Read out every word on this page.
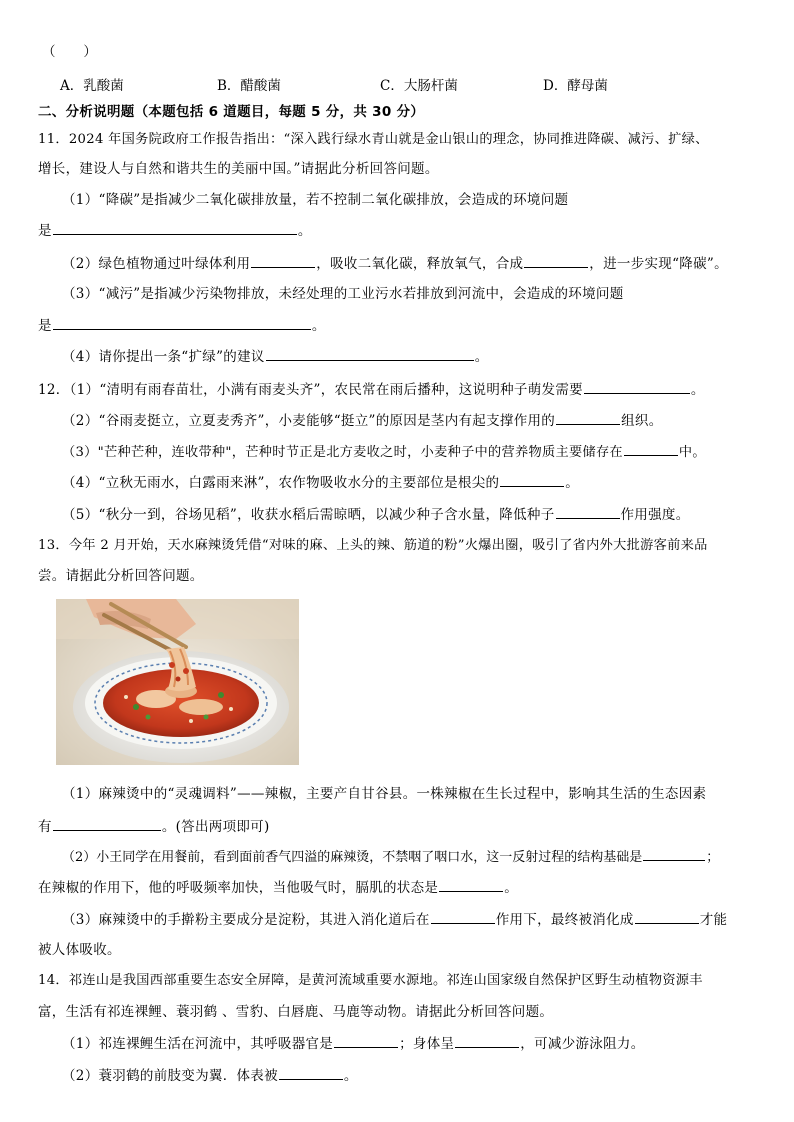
（　　）
A．乳酸菌	B．醋酸菌	C．大肠杆菌	D．酵母菌
二、分析说明题（本题包括 6 道题目，每题 5 分，共 30 分）
11．2024 年国务院政府工作报告指出：“深入践行绿水青山就是金山银山的理念，协同推进降碳、减污、扩绿、
增长，建设人与自然和谐共生的美丽中国。”请据此分析回答问题。
（1）“降碳”是指减少二氧化碳排放量，若不控制二氧化碳排放，会造成的环境问题
是	。
（2）绿色植物通过叶绿体利用	，吸收二氧化碳，释放氧气，合成	，进一步实现“降碳”。
（3）“减污”是指减少污染物排放，未经处理的工业污水若排放到河流中，会造成的环境问题
是	。
（4）请你提出一条“扩绿”的建议	。
12．（1）“清明有雨春苗壮，小满有雨麦头齐”，农民常在雨后播种，这说明种子萌发需要	。
（2）“谷雨麦挺立，立夏麦秀齐”，小麦能够“挺立”的原因是茎内有起支撑作用的	组织。
（3）"芒种芒种，连收带种"，芒种时节正是北方麦收之时，小麦种子中的营养物质主要储存在	中。
（4）“立秋无雨水，白露雨来淋”，农作物吸收水分的主要部位是根尖的	。
（5）“秋分一到，谷场见稻”，收获水稻后需晾晒，以减少种子含水量，降低种子	作用强度。
13．今年 2 月开始，天水麻辣烫凭借“对味的麻、上头的辣、筋道的粉”火爆出圈，吸引了省内外大批游客前来品
尝。请据此分析回答问题。
（1）麻辣烫中的“灵魂调料”——辣椒，主要产自甘谷县。一株辣椒在生长过程中，影响其生活的生态因素
有	。(答出两项即可)
（2）小王同学在用餐前，看到面前香气四溢的麻辣烫，不禁咽了咽口水，这一反射过程的结构基础是	；
在辣椒的作用下，他的呼吸频率加快，当他吸气时，膈肌的状态是	。
（3）麻辣烫中的手擀粉主要成分是淀粉，其进入消化道后在	作用下，最终被消化成	才能
被人体吸收。
14．祁连山是我国西部重要生态安全屏障，是黄河流域重要水源地。祁连山国家级自然保护区野生动植物资源丰
富，生活有祁连裸鲤、蓑羽鹤 、雪豹、白唇鹿、马鹿等动物。请据此分析回答问题。
（1）祁连裸鲤生活在河流中，其呼吸器官是	；身体呈	，可减少游泳阻力。
（2）蓑羽鹤的前肢变为翼．体表被	。
